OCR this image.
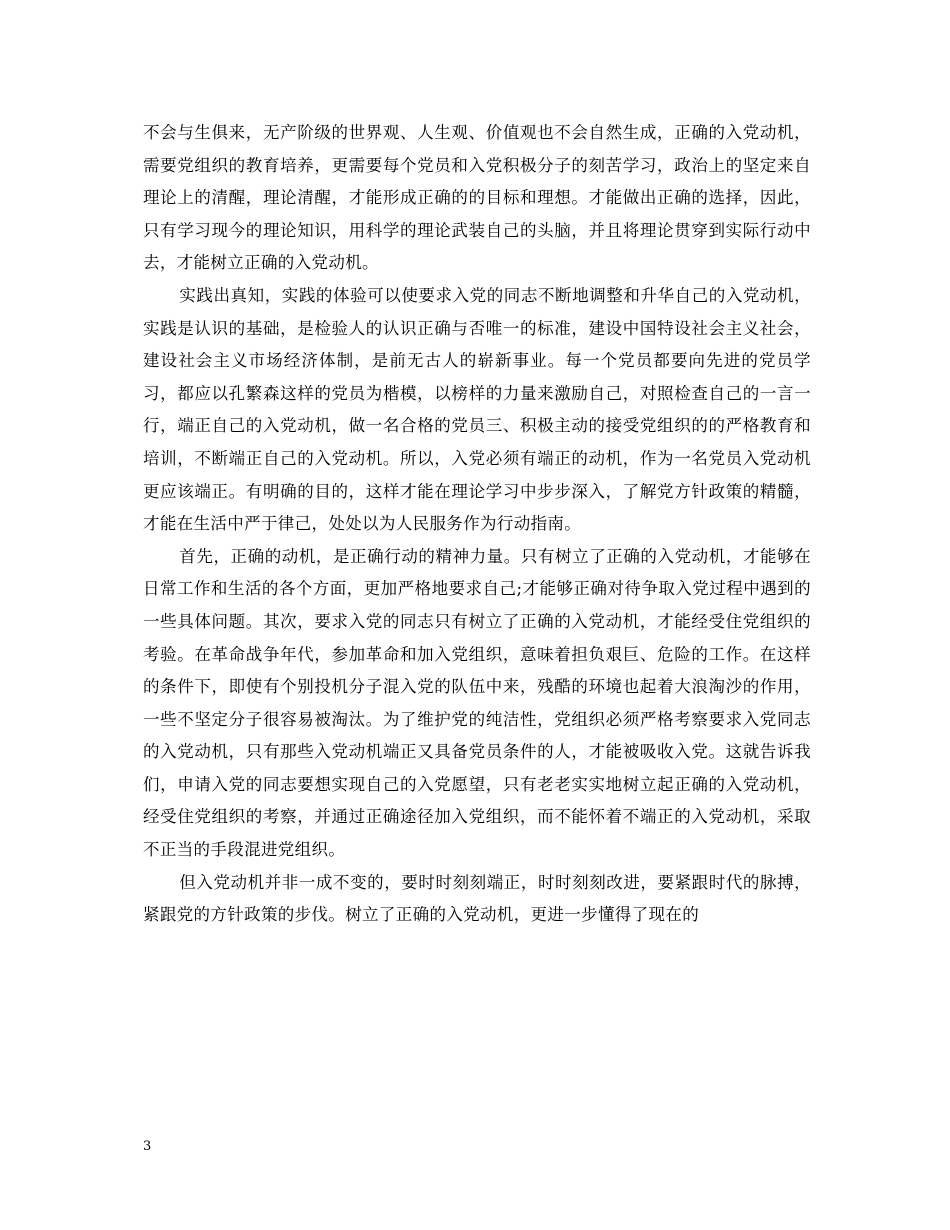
不会与生俱来，无产阶级的世界观、人生观、价值观也不会自然生成，正确的入党动机，需要党组织的教育培养，更需要每个党员和入党积极分子的刻苦学习，政治上的坚定来自理论上的清醒，理论清醒，才能形成正确的的目标和理想。才能做出正确的选择，因此，只有学习现今的理论知识，用科学的理论武装自己的头脑，并且将理论贯穿到实际行动中去，才能树立正确的入党动机。

实践出真知，实践的体验可以使要求入党的同志不断地调整和升华自己的入党动机，实践是认识的基础，是检验人的认识正确与否唯一的标准，建设中国特设社会主义社会，建设社会主义市场经济体制，是前无古人的崭新事业。每一个党员都要向先进的党员学习，都应以孔繁森这样的党员为楷模，以榜样的力量来激励自己，对照检查自己的一言一行，端正自己的入党动机，做一名合格的党员三、积极主动的接受党组织的的严格教育和培训，不断端正自己的入党动机。所以，入党必须有端正的动机，作为一名党员入党动机更应该端正。有明确的目的，这样才能在理论学习中步步深入，了解党方针政策的精髓，才能在生活中严于律己，处处以为人民服务作为行动指南。

首先，正确的动机，是正确行动的精神力量。只有树立了正确的入党动机，才能够在日常工作和生活的各个方面，更加严格地要求自己;才能够正确对待争取入党过程中遇到的一些具体问题。其次，要求入党的同志只有树立了正确的入党动机，才能经受住党组织的考验。在革命战争年代，参加革命和加入党组织，意味着担负艰巨、危险的工作。在这样的条件下，即使有个别投机分子混入党的队伍中来，残酷的环境也起着大浪淘沙的作用，一些不坚定分子很容易被淘汰。为了维护党的纯洁性，党组织必须严格考察要求入党同志的入党动机，只有那些入党动机端正又具备党员条件的人，才能被吸收入党。这就告诉我们，申请入党的同志要想实现自己的入党愿望，只有老老实实地树立起正确的入党动机，经受住党组织的考察，并通过正确途径加入党组织，而不能怀着不端正的入党动机，采取不正当的手段混进党组织。

但入党动机并非一成不变的，要时时刻刻端正，时时刻刻改进，要紧跟时代的脉搏，紧跟党的方针政策的步伐。树立了正确的入党动机，更进一步懂得了现在的

3
